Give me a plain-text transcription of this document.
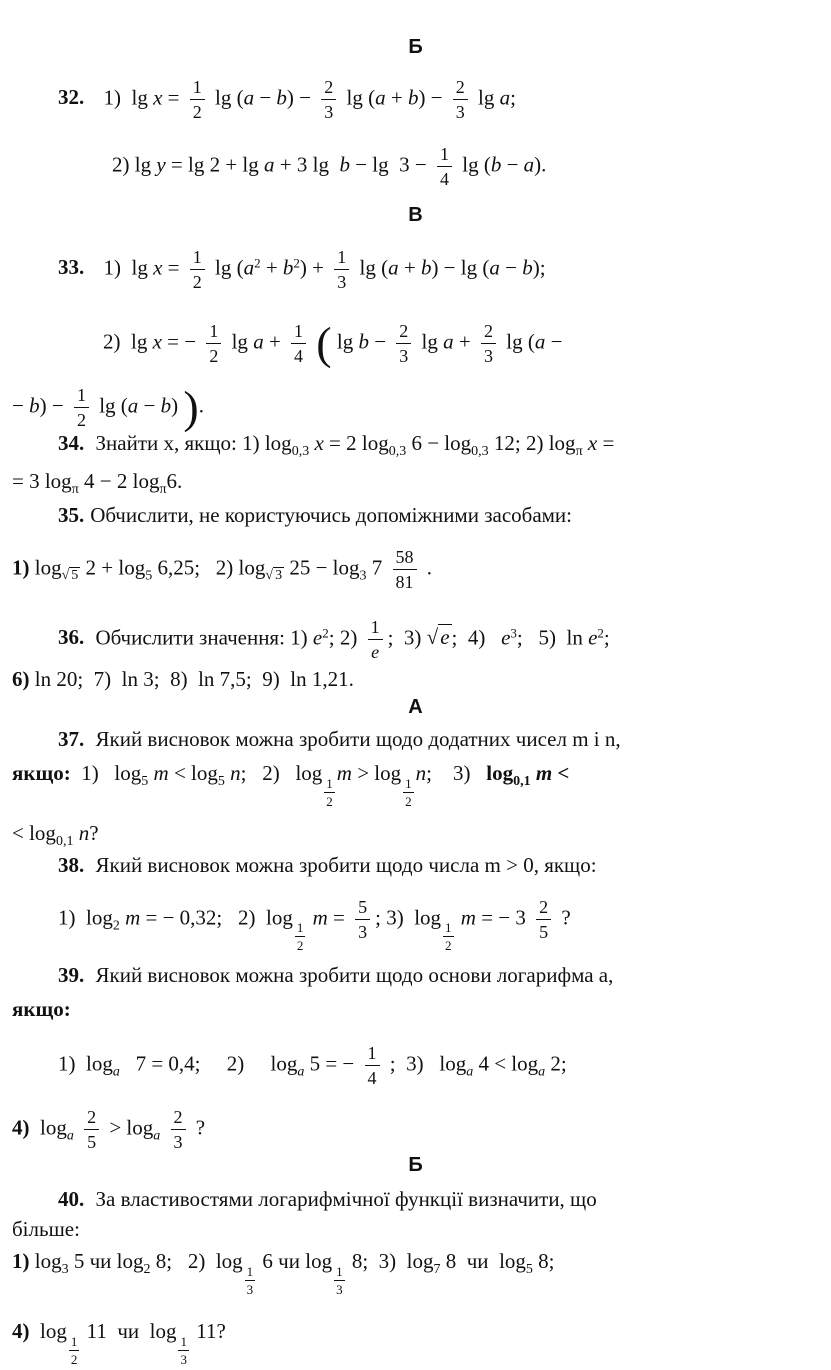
Б
32. 1)  $\lg x = \frac{1}{2}$ $\lg (a - b) - \frac{2}{3}$ $\lg (a + b) - \frac{2}{3}$ lg a;
2) lg y = lg 2 + lg a + 3 $\lg b - \lg 3 - \frac{1}{4}$ lg (b − a).
В
33. 1)  $\lg x = \frac{1}{2}$ $\lg (a^2 + b^2) + \frac{1}{3}$ lg (a + b) − lg (a − b);
2)  lg x = − $\frac{1}{2}$ $\lg a + \frac{1}{4}$ ( $\lg b - \frac{2}{3}$ $\lg a + \frac{2}{3}$ lg (a −
− $b) - \frac{1}{2}$ lg (a − b) ).
34. Знайти x, якщо: 1) $\log_{0,3} x = 2$ $\log_{0,3} 6 - \log_{0,3} 12$; 2) $\log_\pi x$ =
= 3 $\log_\pi 4 - 2$ $\log_\pi 6$.
35. Обчислити, не користуючись допоміжними засобами:
1) $\log_{√ 5} 2 + \log_5 6,25$;   2) $\log_{√ 3} 25 - \log_3 7 \frac{58}{81}$ .
36. Обчислити значення: 1) $e^2$; $2) \frac{1}{e}$ ;  3) √e;  4)   $e^3$;   5)  $\ln e^2$;
6) ln 20;  7)  ln 3;  8)  ln 7,5;  9)  ln 1,21.
А
37. Який висновок можна зробити щодо додатних чисел m і n,
якщо:  1)   $\log_5 m < \log_5 n$;   2)   log
$\frac{1}{2}$
m > log
$\frac{1}{2}$
n;    3)   $\log_{0,1} m$ <
< $\log_{0,1} n$?
38. Який висновок можна зробити щодо числа m > 0, якщо:
1)  $\log_2 m$ = − 0,32;   2)  log
$\frac{1}{2}$
$m = \frac{5}{3}$ ; 3)  log
$\frac{1}{2}$
m = − $3 \frac{2}{5}$ ?
39. Який висновок можна зробити щодо основи логарифма a,
якщо:
1)  $\log_a 7 = 0,4$;     2)     $\log_a 5$ = − $\frac{1}{4}$ ;  3)   $\log_a 4 < \log_a 2$;
4)  $\log_a \frac{2}{5} > \log_a \frac{2}{3}$ ?
Б
40. За властивостями логарифмічної функції визначити, що
більше:
1) $\log_3 5$ чи $\log_2 8$;   2)  log
$\frac{1}{3}$
6 чи log
$\frac{1}{3}$
8;  3)  $\log_7 8$  чи  $\log_5 8$;
4)  log
$\frac{1}{2}$
11  чи  log
$\frac{1}{3}$
11?
